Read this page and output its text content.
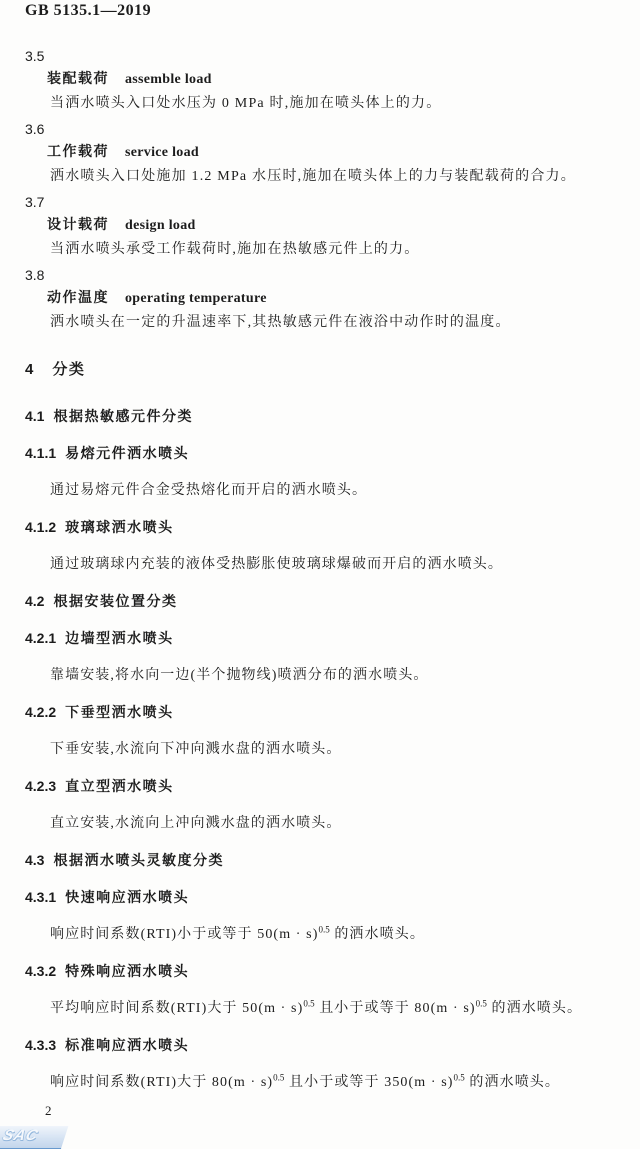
GB 5135.1—2019
3.5
装配载荷 assemble load
当洒水喷头入口处水压为 0 MPa 时,施加在喷头体上的力。
3.6
工作载荷 service load
洒水喷头入口处施加 1.2 MPa 水压时,施加在喷头体上的力与装配载荷的合力。
3.7
设计载荷 design load
当洒水喷头承受工作载荷时,施加在热敏感元件上的力。
3.8
动作温度 operating temperature
洒水喷头在一定的升温速率下,其热敏感元件在液浴中动作时的温度。
4 分类
4.1 根据热敏感元件分类
4.1.1 易熔元件洒水喷头
通过易熔元件合金受热熔化而开启的洒水喷头。
4.1.2 玻璃球洒水喷头
通过玻璃球内充装的液体受热膨胀使玻璃球爆破而开启的洒水喷头。
4.2 根据安装位置分类
4.2.1 边墙型洒水喷头
靠墙安装,将水向一边(半个抛物线)喷洒分布的洒水喷头。
4.2.2 下垂型洒水喷头
下垂安装,水流向下冲向溅水盘的洒水喷头。
4.2.3 直立型洒水喷头
直立安装,水流向上冲向溅水盘的洒水喷头。
4.3 根据洒水喷头灵敏度分类
4.3.1 快速响应洒水喷头
响应时间系数(RTI)小于或等于 $50(m \cdot s)^{0.5}$ 的洒水喷头。
4.3.2 特殊响应洒水喷头
平均响应时间系数(RTI)大于 $50(m \cdot s)^{0.5}$ 且小于或等于 $80(m \cdot s)^{0.5}$ 的洒水喷头。
4.3.3 标准响应洒水喷头
响应时间系数(RTI)大于 $80(m \cdot s)^{0.5}$ 且小于或等于 $350(m \cdot s)^{0.5}$ 的洒水喷头。
2
SAC
